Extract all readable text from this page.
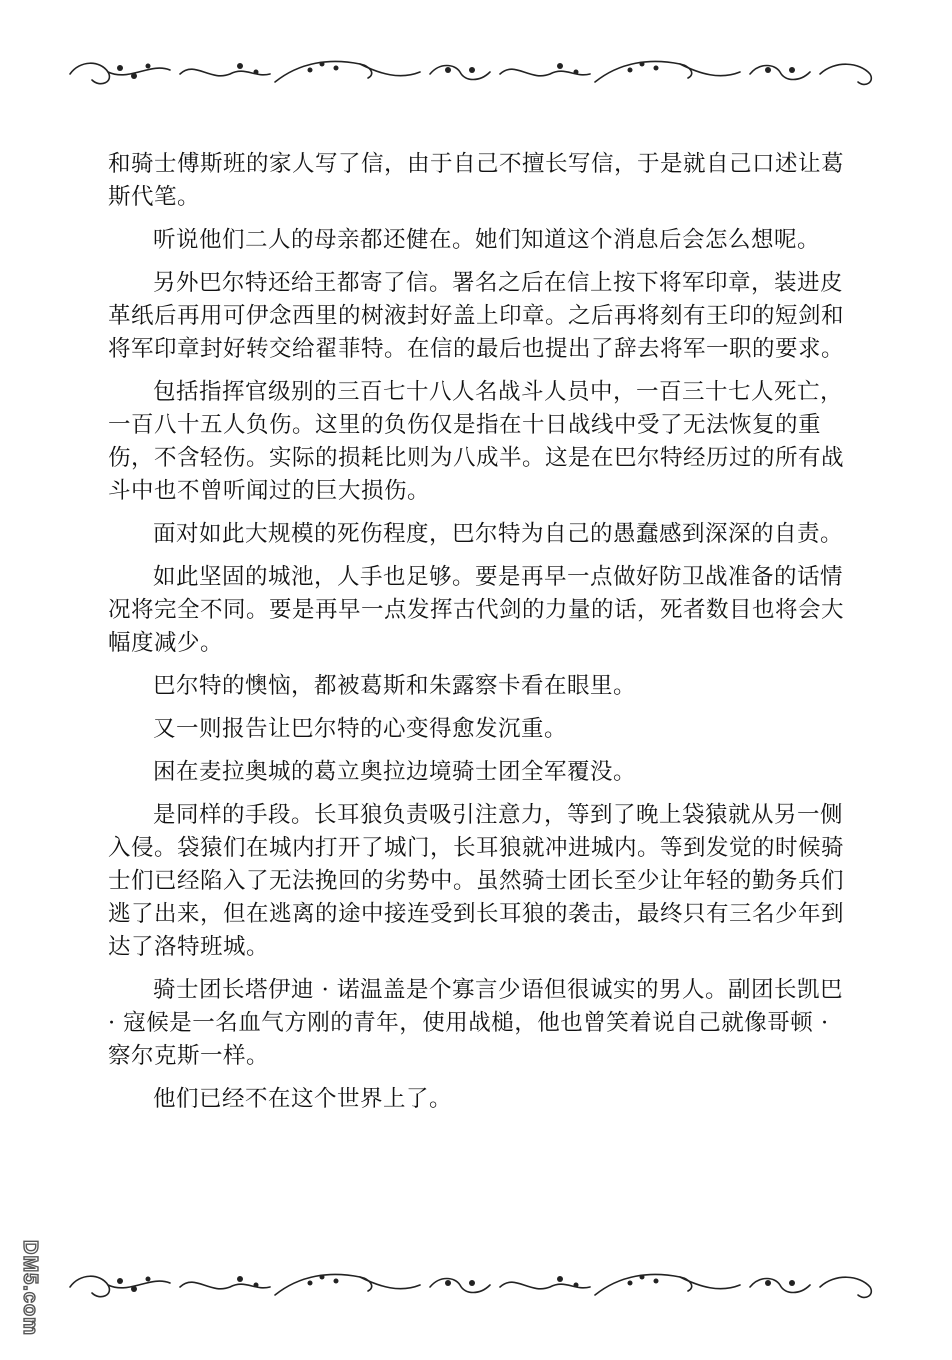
和骑士傅斯班的家人写了信，由于自己不擅长写信，于是就自己口述让葛斯代笔。

听说他们二人的母亲都还健在。她们知道这个消息后会怎么想呢。

另外巴尔特还给王都寄了信。署名之后在信上按下将军印章，装进皮革纸后再用可伊念西里的树液封好盖上印章。之后再将刻有王印的短剑和将军印章封好转交给翟菲特。在信的最后也提出了辞去将军一职的要求。

包括指挥官级别的三百七十八人名战斗人员中，一百三十七人死亡，一百八十五人负伤。这里的负伤仅是指在十日战线中受了无法恢复的重伤，不含轻伤。实际的损耗比则为八成半。这是在巴尔特经历过的所有战斗中也不曾听闻过的巨大损伤。

面对如此大规模的死伤程度，巴尔特为自己的愚蠢感到深深的自责。

如此坚固的城池，人手也足够。要是再早一点做好防卫战准备的话情况将完全不同。要是再早一点发挥古代剑的力量的话，死者数目也将会大幅度减少。

巴尔特的懊恼，都被葛斯和朱露察卡看在眼里。

又一则报告让巴尔特的心变得愈发沉重。

困在麦拉奥城的葛立奥拉边境骑士团全军覆没。

是同样的手段。长耳狼负责吸引注意力，等到了晚上袋猿就从另一侧入侵。袋猿们在城内打开了城门，长耳狼就冲进城内。等到发觉的时候骑士们已经陷入了无法挽回的劣势中。虽然骑士团长至少让年轻的勤务兵们逃了出来，但在逃离的途中接连受到长耳狼的袭击，最终只有三名少年到达了洛特班城。

骑士团长塔伊迪 · 诺温盖是个寡言少语但很诚实的男人。副团长凯巴 · 寇候是一名血气方刚的青年，使用战槌，他也曾笑着说自己就像哥顿 · 察尔克斯一样。

他们已经不在这个世界上了。

DM5.com
